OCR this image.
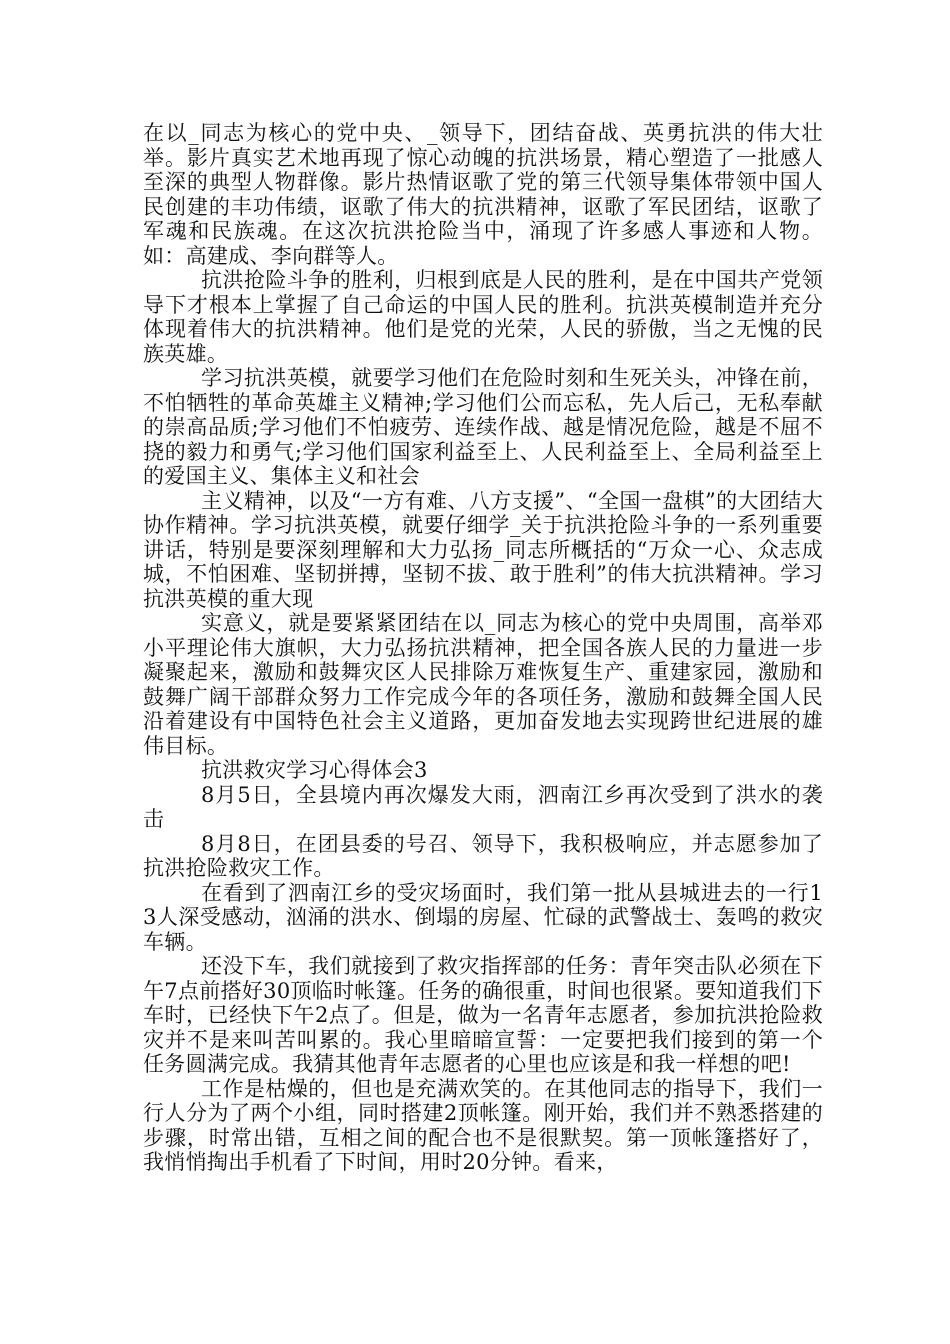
在以_同志为核心的党中央、_领导下，团结奋战、英勇抗洪的伟大壮举。影片真实艺术地再现了惊心动魄的抗洪场景，精心塑造了一批感人至深的典型人物群像。影片热情讴歌了党的第三代领导集体带领中国人民创建的丰功伟绩，讴歌了伟大的抗洪精神，讴歌了军民团结，讴歌了军魂和民族魂。在这次抗洪抢险当中，涌现了许多感人事迹和人物。如：高建成、李向群等人。

抗洪抢险斗争的胜利，归根到底是人民的胜利，是在中国共产党领导下才根本上掌握了自己命运的中国人民的胜利。抗洪英模制造并充分体现着伟大的抗洪精神。他们是党的光荣，人民的骄傲，当之无愧的民族英雄。

学习抗洪英模，就要学习他们在危险时刻和生死关头，冲锋在前，不怕牺牲的革命英雄主义精神;学习他们公而忘私，先人后己，无私奉献的崇高品质;学习他们不怕疲劳、连续作战、越是情况危险，越是不屈不挠的毅力和勇气;学习他们国家利益至上、人民利益至上、全局利益至上的爱国主义、集体主义和社会

主义精神，以及“一方有难、八方支援”、“全国一盘棋”的大团结大协作精神。学习抗洪英模，就要仔细学_关于抗洪抢险斗争的一系列重要讲话，特别是要深刻理解和大力弘扬_同志所概括的“万众一心、众志成城，不怕困难、坚韧拼搏，坚韧不拔、敢于胜利”的伟大抗洪精神。学习抗洪英模的重大现

实意义，就是要紧紧团结在以_同志为核心的党中央周围，高举邓小平理论伟大旗帜，大力弘扬抗洪精神，把全国各族人民的力量进一步凝聚起来，激励和鼓舞灾区人民排除万难恢复生产、重建家园，激励和鼓舞广阔干部群众努力工作完成今年的各项任务，激励和鼓舞全国人民沿着建设有中国特色社会主义道路，更加奋发地去实现跨世纪进展的雄伟目标。

抗洪救灾学习心得体会3

8月5日，全县境内再次爆发大雨，泗南江乡再次受到了洪水的袭击

8月8日，在团县委的号召、领导下，我积极响应，并志愿参加了抗洪抢险救灾工作。

在看到了泗南江乡的受灾场面时，我们第一批从县城进去的一行13人深受感动，汹涌的洪水、倒塌的房屋、忙碌的武警战士、轰鸣的救灾车辆。

还没下车，我们就接到了救灾指挥部的任务：青年突击队必须在下午7点前搭好30顶临时帐篷。任务的确很重，时间也很紧。要知道我们下车时，已经快下午2点了。但是，做为一名青年志愿者，参加抗洪抢险救灾并不是来叫苦叫累的。我心里暗暗宣誓：一定要把我们接到的第一个任务圆满完成。我猜其他青年志愿者的心里也应该是和我一样想的吧!

工作是枯燥的，但也是充满欢笑的。在其他同志的指导下，我们一行人分为了两个小组，同时搭建2顶帐篷。刚开始，我们并不熟悉搭建的步骤，时常出错，互相之间的配合也不是很默契。第一顶帐篷搭好了，我悄悄掏出手机看了下时间，用时20分钟。看来，
